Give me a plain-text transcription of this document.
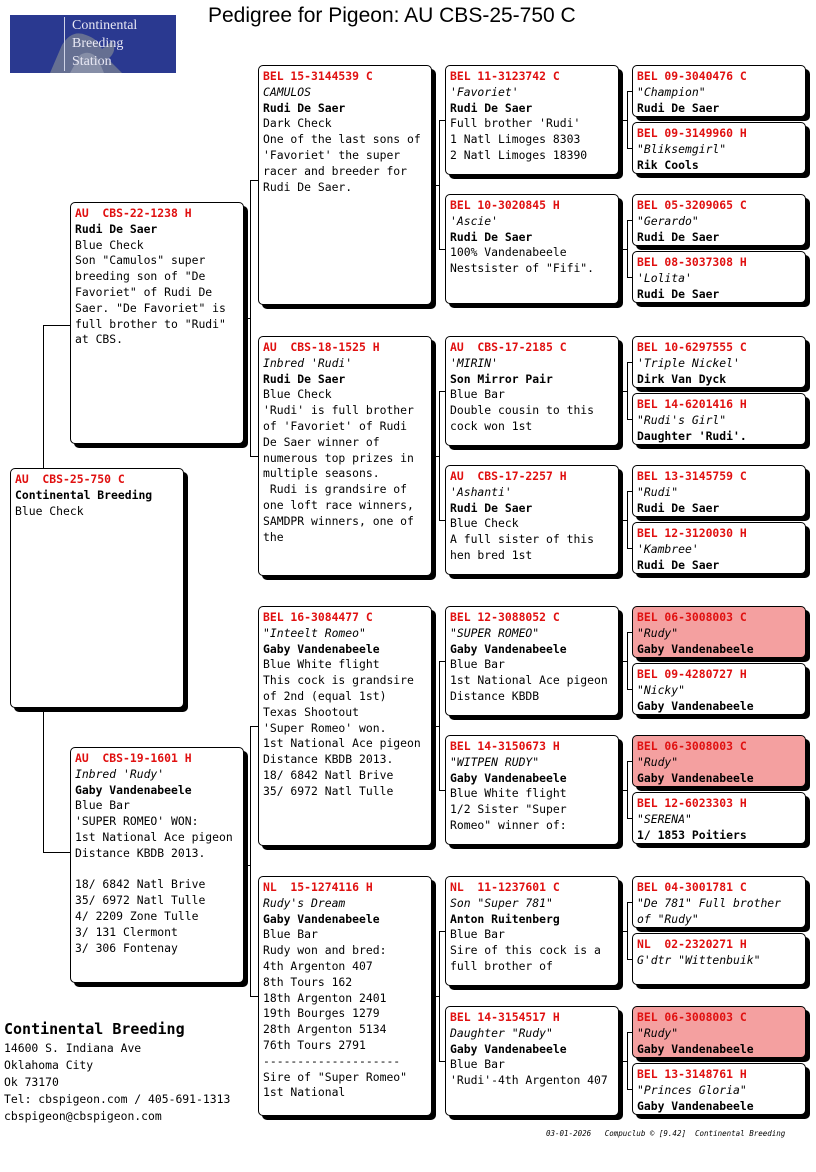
Pedigree for Pigeon: AU CBS-25-750 C
Continental
Breeding
Station
AU  CBS-25-750 C
Continental Breeding
Blue Check
AU  CBS-22-1238 H
Rudi De Saer
Blue Check
Son "Camulos" super breeding son of "De Favoriet" of Rudi De Saer. "De Favoriet" is full brother to "Rudi" at CBS.
AU  CBS-19-1601 H
Inbred 'Rudy'
Gaby Vandenabeele
Blue Bar
'SUPER ROMEO' WON:
1st National Ace pigeon Distance KBDB 2013.

18/ 6842 Natl Brive
35/ 6972 Natl Tulle
4/ 2209 Zone Tulle
3/ 131 Clermont
3/ 306 Fontenay
BEL 15-3144539 C
CAMULOS
Rudi De Saer
Dark Check
One of the last sons of 'Favoriet' the super racer and breeder for Rudi De Saer.
AU  CBS-18-1525 H
Inbred 'Rudi'
Rudi De Saer
Blue Check
'Rudi' is full brother of 'Favoriet' of Rudi De Saer winner of numerous top prizes in multiple seasons.
Rudi is grandsire of one loft race winners, SAMDPR winners, one of the
BEL 16-3084477 C
"Inteelt Romeo"
Gaby Vandenabeele
Blue White flight
This cock is grandsire of 2nd (equal 1st) Texas Shootout
'Super Romeo' won.
1st National Ace pigeon Distance KBDB 2013.
18/ 6842 Natl Brive
35/ 6972 Natl Tulle
NL  15-1274116 H
Rudy's Dream
Gaby Vandenabeele
Blue Bar
Rudy won and bred:
4th Argenton 407
8th Tours 162
18th Argenton 2401
19th Bourges 1279
28th Argenton 5134
76th Tours 2791
--------------------
Sire of "Super Romeo" 1st National
BEL 11-3123742 C
'Favoriet'
Rudi De Saer
Full brother 'Rudi'
1 Natl Limoges 8303
2 Natl Limoges 18390
BEL 10-3020845 H
'Ascie'
Rudi De Saer
100% Vandenabeele
Nestsister of "Fifi".
AU  CBS-17-2185 C
'MIRIN'
Son Mirror Pair
Blue Bar
Double cousin to this cock won 1st
AU  CBS-17-2257 H
'Ashanti'
Rudi De Saer
Blue Check
A full sister of this hen bred 1st
BEL 12-3088052 C
"SUPER ROMEO"
Gaby Vandenabeele
Blue Bar
1st National Ace pigeon Distance KBDB
BEL 14-3150673 H
"WITPEN RUDY"
Gaby Vandenabeele
Blue White flight
1/2 Sister "Super Romeo" winner of:
NL  11-1237601 C
Son "Super 781"
Anton Ruitenberg
Blue Bar
Sire of this cock is a full brother of
BEL 14-3154517 H
Daughter "Rudy"
Gaby Vandenabeele
Blue Bar
'Rudi'-4th Argenton 407
BEL 09-3040476 C
"Champion"
Rudi De Saer
BEL 09-3149960 H
"Bliksemgirl"
Rik Cools
BEL 05-3209065 C
"Gerardo"
Rudi De Saer
BEL 08-3037308 H
'Lolita'
Rudi De Saer
BEL 10-6297555 C
'Triple Nickel'
Dirk Van Dyck
BEL 14-6201416 H
"Rudi's Girl"
Daughter 'Rudi'.
BEL 13-3145759 C
"Rudi"
Rudi De Saer
BEL 12-3120030 H
'Kambree'
Rudi De Saer
BEL 06-3008003 C
"Rudy"
Gaby Vandenabeele
BEL 09-4280727 H
"Nicky"
Gaby Vandenabeele
BEL 06-3008003 C
"Rudy"
Gaby Vandenabeele
BEL 12-6023303 H
"SERENA"
1/ 1853 Poitiers
BEL 04-3001781 C
"De 781" Full brother of "Rudy"
NL  02-2320271 H
G'dtr "Wittenbuik"
BEL 06-3008003 C
"Rudy"
Gaby Vandenabeele
BEL 13-3148761 H
"Princes Gloria"
Gaby Vandenabeele
Continental Breeding
14600 S. Indiana Ave
Oklahoma City
Ok 73170
Tel: cbspigeon.com / 405-691-1313
cbspigeon@cbspigeon.com
03-01-2026   Compuclub © [9.42]  Continental Breeding
